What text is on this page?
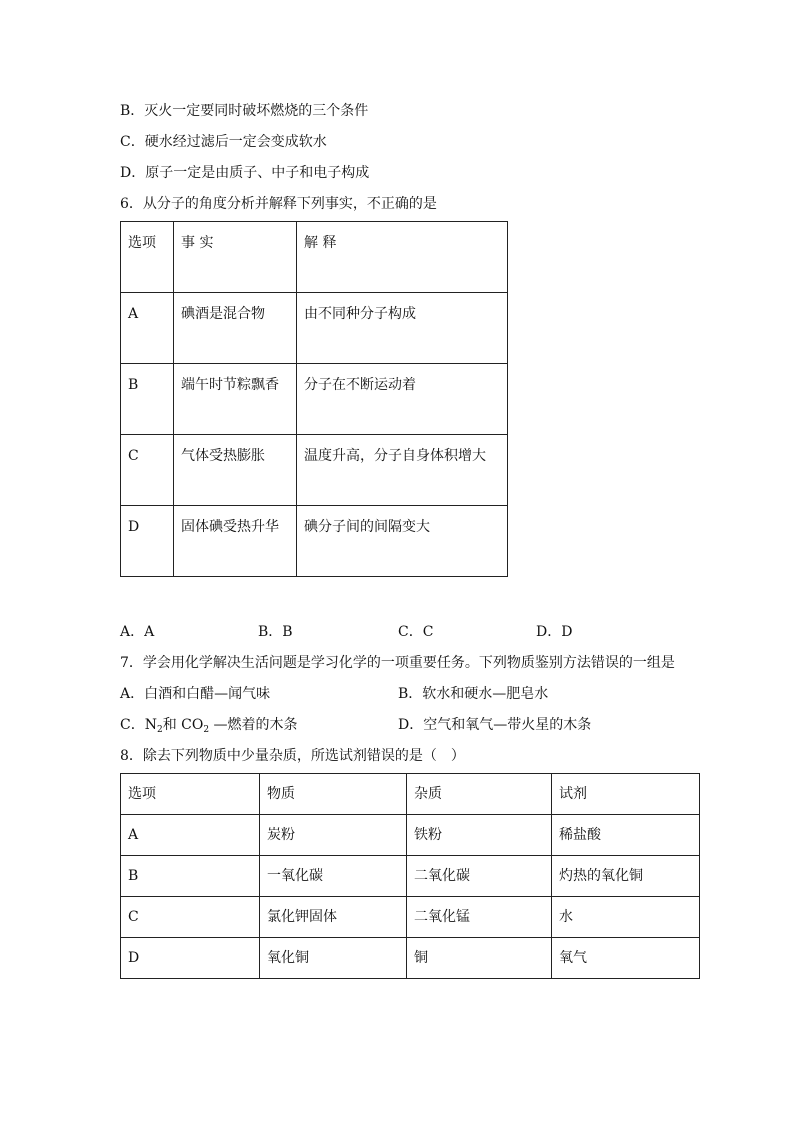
B．灭火一定要同时破坏燃烧的三个条件
C．硬水经过滤后一定会变成软水
D．原子一定是由质子、中子和电子构成
6．从分子的角度分析并解释下列事实，不正确的是
选项	事 实	解 释
A	碘酒是混合物	由不同种分子构成
B	端午时节粽飘香	分子在不断运动着
C	气体受热膨胀	温度升高，分子自身体积增大
D	固体碘受热升华	碘分子间的间隔变大
A．A	B．B	C．C	D．D
7．学会用化学解决生活问题是学习化学的一项重要任务。下列物质鉴别方法错误的一组是
A．白酒和白醋—闻气味	B．软水和硬水—肥皂水
C．$N_2$和 $CO_2$ —燃着的木条	D．空气和氧气—带火星的木条
8．除去下列物质中少量杂质，所选试剂错误的是（　）
选项	物质	杂质	试剂
A	炭粉	铁粉	稀盐酸
B	一氧化碳	二氧化碳	灼热的氧化铜
C	氯化钾固体	二氧化锰	水
D	氧化铜	铜	氧气
